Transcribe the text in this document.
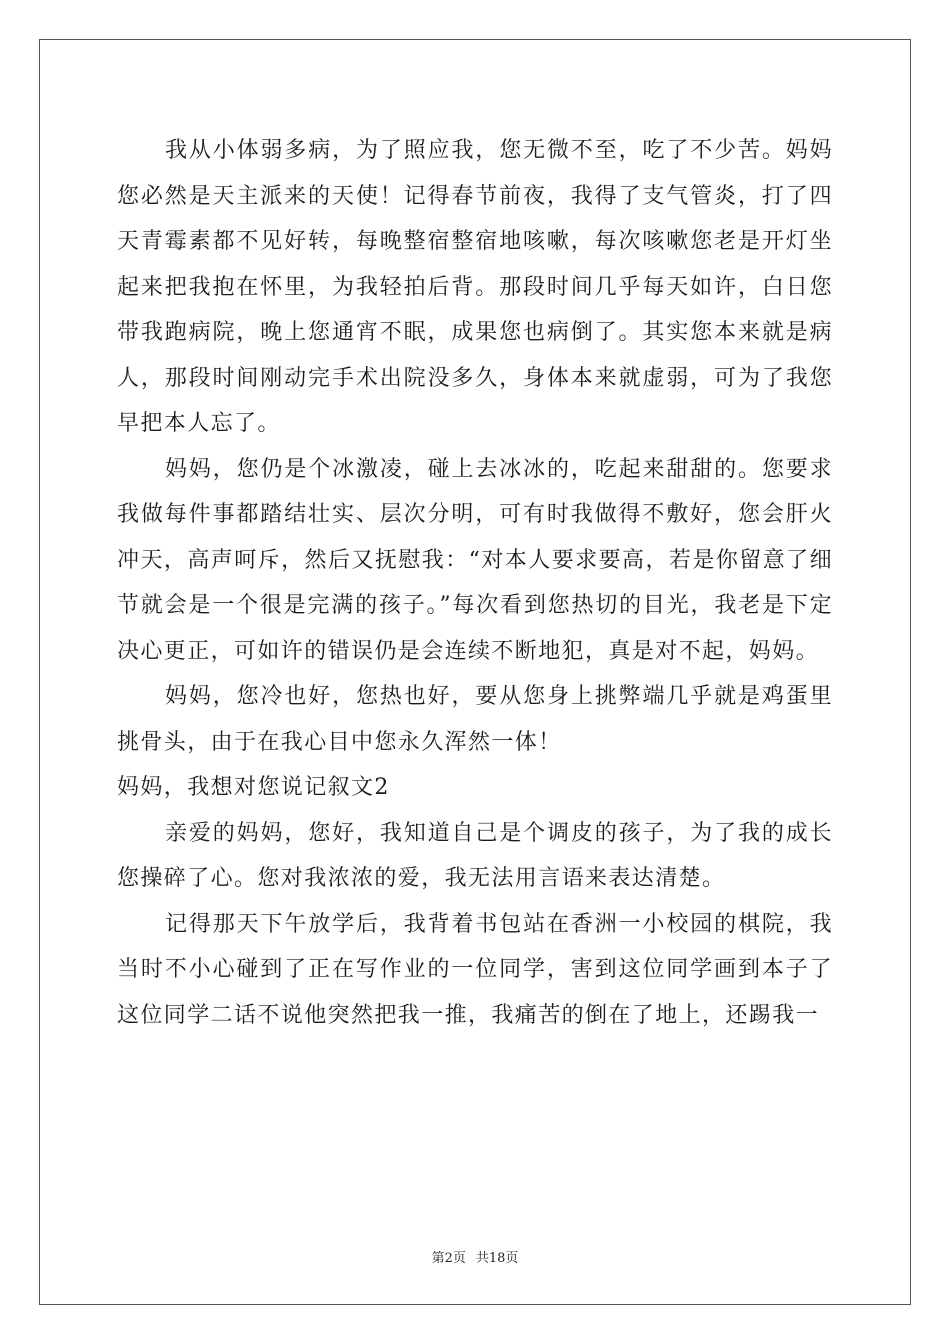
我从小体弱多病，为了照应我，您无微不至，吃了不少苦。妈妈您必然是天主派来的天使！记得春节前夜，我得了支气管炎，打了四天青霉素都不见好转，每晚整宿整宿地咳嗽，每次咳嗽您老是开灯坐起来把我抱在怀里，为我轻拍后背。那段时间几乎每天如许，白日您带我跑病院，晚上您通宵不眠，成果您也病倒了。其实您本来就是病人，那段时间刚动完手术出院没多久，身体本来就虚弱，可为了我您早把本人忘了。

妈妈，您仍是个冰激凌，碰上去冰冰的，吃起来甜甜的。您要求我做每件事都踏结壮实、层次分明，可有时我做得不敷好，您会肝火冲天，高声呵斥，然后又抚慰我：“对本人要求要高，若是你留意了细节就会是一个很是完满的孩子。”每次看到您热切的目光，我老是下定决心更正，可如许的错误仍是会连续不断地犯，真是对不起，妈妈。

妈妈，您冷也好，您热也好，要从您身上挑弊端几乎就是鸡蛋里挑骨头，由于在我心目中您永久浑然一体！

妈妈，我想对您说记叙文2

亲爱的妈妈，您好，我知道自己是个调皮的孩子，为了我的成长您操碎了心。您对我浓浓的爱，我无法用言语来表达清楚。

记得那天下午放学后，我背着书包站在香洲一小校园的棋院，我当时不小心碰到了正在写作业的一位同学，害到这位同学画到本子了这位同学二话不说他突然把我一推，我痛苦的倒在了地上，还踢我一

第2页 共18页
